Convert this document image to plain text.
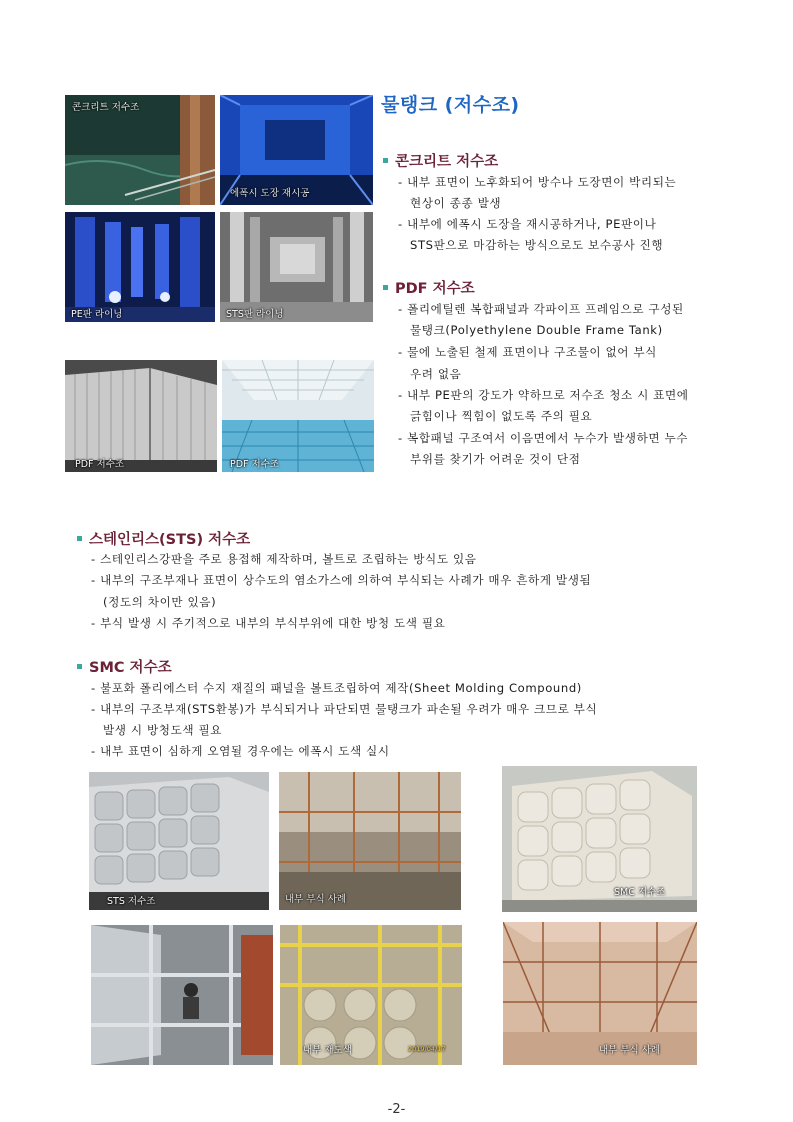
물탱크 (저수조)
콘크리트 저수조
에폭시 도장 재시공
PE판 라이닝	STS판 라이닝
PDF 저수조	PDF 저수조
콘크리트 저수조
- 내부 표면이 노후화되어 방수나 도장면이 박리되는
현상이 종종 발생
- 내부에 에폭시 도장을 재시공하거나, PE판이나
STS판으로 마감하는 방식으로도 보수공사 진행
PDF 저수조
- 폴리에틸렌 복합패널과 각파이프 프레임으로 구성된
물탱크(Polyethylene Double Frame Tank)
- 물에 노출된 철제 표면이나 구조물이 없어 부식
우려 없음
- 내부 PE판의 강도가 약하므로 저수조 청소 시 표면에
긁힘이나 찍힘이 없도록 주의 필요
- 복합패널 구조여서 이음면에서 누수가 발생하면 누수
부위를 찾기가 어려운 것이 단점
스테인리스(STS) 저수조
- 스테인리스강판을 주로 용접해 제작하며, 볼트로 조립하는 방식도 있음
- 내부의 구조부재나 표면이 상수도의 염소가스에 의하여 부식되는 사례가 매우 흔하게 발생됨
(정도의 차이만 있음)
- 부식 발생 시 주기적으로 내부의 부식부위에 대한 방청 도색 필요
SMC 저수조
- 불포화 폴리에스터 수지 재질의 패널을 볼트조립하여 제작(Sheet Molding Compound)
- 내부의 구조부재(STS환봉)가 부식되거나 파단되면 물탱크가 파손될 우려가 매우 크므로 부식
발생 시 방청도색 필요
- 내부 표면이 심하게 오염될 경우에는 에폭시 도색 실시
STS 저수조	내부 부식 사례
SMC 저수조
내부 재도색	2019/04/17	내부 부식 사례
-2-
